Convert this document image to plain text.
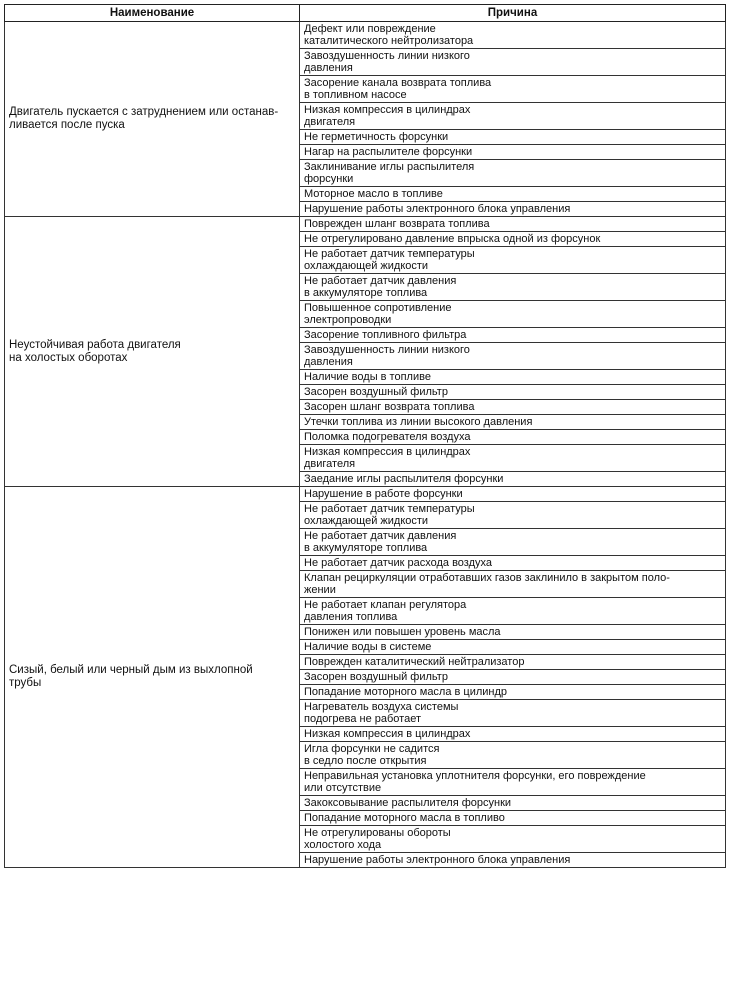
Наименование	Причина
Двигатель пускается с затруднением или останав-
ливается после пуска	Дефект или повреждение
каталитического нейтролизатора
	Завоздушенность линии низкого
давления
	Засорение канала возврата топлива
в топливном насосе
	Низкая компрессия в цилиндрах
двигателя
	Не герметичность форсунки
	Нагар на распылителе форсунки
	Заклинивание иглы распылителя
форсунки
	Моторное масло в топливе
	Нарушение работы электронного блока управления
Неустойчивая работа двигателя
на холостых оборотах	Поврежден шланг возврата топлива
	Не отрегулировано давление впрыска одной из форсунок
	Не работает датчик температуры
охлаждающей жидкости
	Не работает датчик давления
в аккумуляторе топлива
	Повышенное сопротивление
электропроводки
	Засорение топливного фильтра
	Завоздушенность линии низкого
давления
	Наличие воды в топливе
	Засорен воздушный фильтр
	Засорен шланг возврата топлива
	Утечки топлива из линии высокого давления
	Поломка подогревателя воздуха
	Низкая компрессия в цилиндрах
двигателя
	Заедание иглы распылителя форсунки
Сизый, белый или черный дым из выхлопной
трубы	Нарушение в работе форсунки
	Не работает датчик температуры
охлаждающей жидкости
	Не работает датчик давления
в аккумуляторе топлива
	Не работает датчик расхода воздуха
	Клапан рециркуляции отработавших газов заклинило в закрытом поло-
жении
	Не работает клапан регулятора
давления топлива
	Понижен или повышен уровень масла
	Наличие воды в системе
	Поврежден каталитический нейтрализатор
	Засорен воздушный фильтр
	Попадание моторного масла в цилиндр
	Нагреватель воздуха системы
подогрева не работает
	Низкая компрессия в цилиндрах
	Игла форсунки не садится
в седло после открытия
	Неправильная установка уплотнителя форсунки, его повреждение
или отсутствие
	Закоксовывание распылителя форсунки
	Попадание моторного масла в топливо
	Не отрегулированы обороты
холостого хода
	Нарушение работы электронного блока управления
